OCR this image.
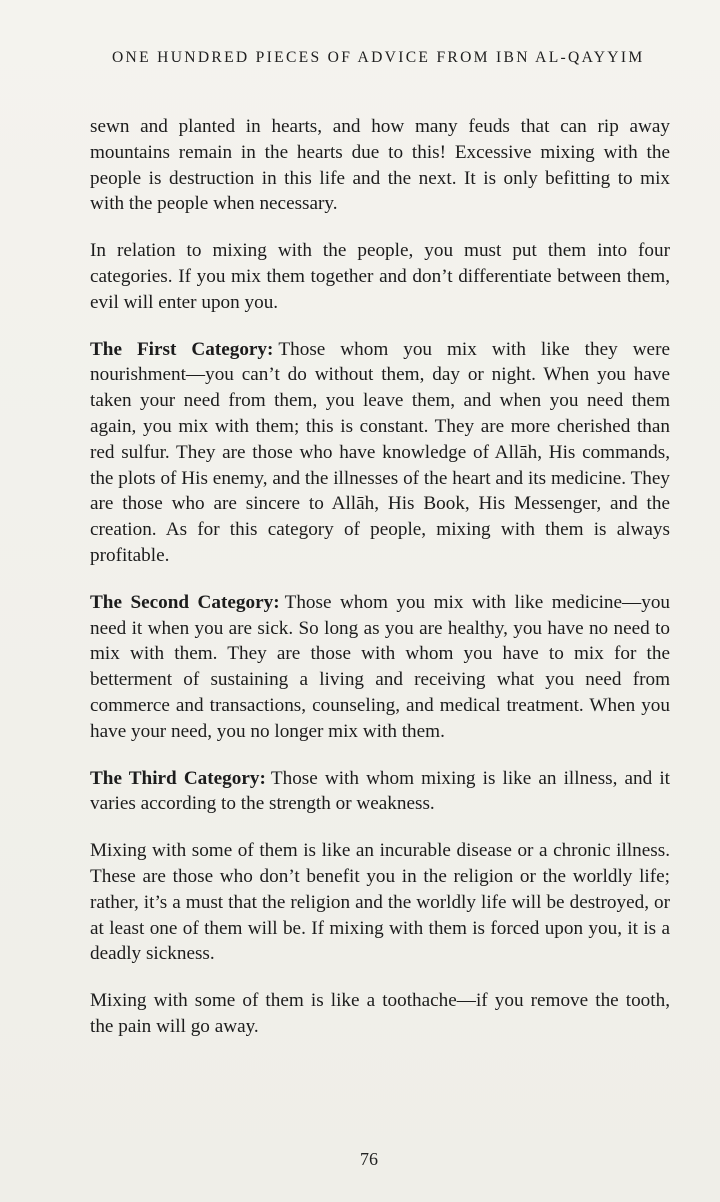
ONE HUNDRED PIECES OF ADVICE FROM IBN AL-QAYYIM

sewn and planted in hearts, and how many feuds that can rip away mountains remain in the hearts due to this! Excessive mixing with the people is destruction in this life and the next. It is only befitting to mix with the people when necessary.

In relation to mixing with the people, you must put them into four categories. If you mix them together and don’t differentiate between them, evil will enter upon you.

The First Category: Those whom you mix with like they were nourishment—you can’t do without them, day or night. When you have taken your need from them, you leave them, and when you need them again, you mix with them; this is constant. They are more cherished than red sulfur. They are those who have knowledge of Allāh, His commands, the plots of His enemy, and the illnesses of the heart and its medicine. They are those who are sincere to Allāh, His Book, His Messenger, and the creation. As for this category of people, mixing with them is always profitable.

The Second Category: Those whom you mix with like medicine—you need it when you are sick. So long as you are healthy, you have no need to mix with them. They are those with whom you have to mix for the betterment of sustaining a living and receiving what you need from commerce and transactions, counseling, and medical treatment. When you have your need, you no longer mix with them.

The Third Category: Those with whom mixing is like an illness, and it varies according to the strength or weakness.

Mixing with some of them is like an incurable disease or a chronic illness. These are those who don’t benefit you in the religion or the worldly life; rather, it’s a must that the religion and the worldly life will be destroyed, or at least one of them will be. If mixing with them is forced upon you, it is a deadly sickness.

Mixing with some of them is like a toothache—if you remove the tooth, the pain will go away.

76
